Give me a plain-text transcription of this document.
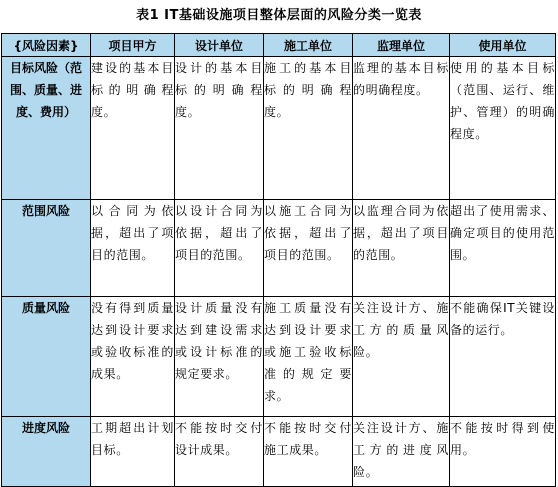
表1 IT基础设施项目整体层面的风险分类一览表
{风险因素}	项目甲方	设计单位	施工单位	监理单位	使用单位
目标风险（范围、质量、进度、费用）	建设的基本目标的明确程度。	设计的基本目标的明确程度。	施工的基本目标的明确程度。	监理的基本目标的明确程度。	使用的基本目标（范围、运行、维护、管理）的明确程度。
范围风险	以合同为依据，超出了项目的范围。	以设计合同为依据，超出了项目的范围。	以施工合同为依据，超出了项目的范围。	以监理合同为依据，超出了项目的范围。	超出了使用需求、确定项目的使用范围。
质量风险	没有得到质量达到设计要求或验收标准的成果。	设计质量没有达到建设需求或设计标准的规定要求。	施工质量没有达到设计要求或施工验收标准的规定要求。	关注设计方、施工方的质量风险。	不能确保IT关键设备的运行。
进度风险	工期超出计划目标。	不能按时交付设计成果。	不能按时交付施工成果。	关注设计方、施工方的进度风险。	不能按时得到使用。
